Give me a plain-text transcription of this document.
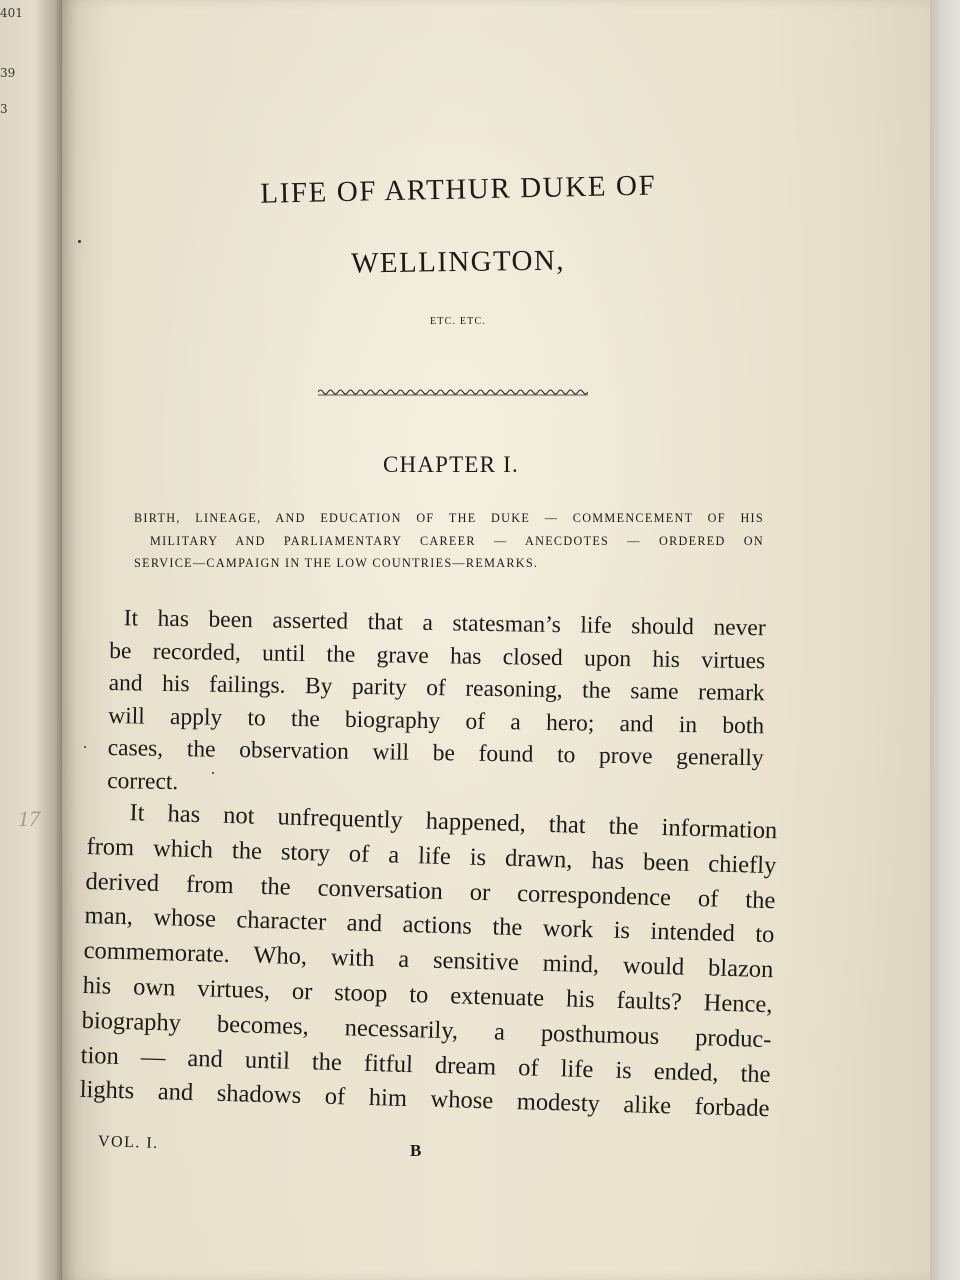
401
39
3
LIFE OF ARTHUR DUKE OF
WELLINGTON,
ETC. ETC.
CHAPTER I.
BIRTH, LINEAGE, AND EDUCATION OF THE DUKE — COMMENCEMENT OF HIS
MILITARY AND PARLIAMENTARY CAREER — ANECDOTES — ORDERED ON
SERVICE—CAMPAIGN IN THE LOW COUNTRIES—REMARKS.
It has been asserted that a statesman’s life should never
be recorded, until the grave has closed upon his virtues
and his failings. By parity of reasoning, the same remark
will apply to the biography of a hero; and in both
cases, the observation will be found to prove generally
correct.
It has not unfrequently happened, that the information
from which the story of a life is drawn, has been chiefly
derived from the conversation or correspondence of the
man, whose character and actions the work is intended to
commemorate. Who, with a sensitive mind, would blazon
his own virtues, or stoop to extenuate his faults? Hence,
biography becomes, necessarily, a posthumous produc-
tion — and until the fitful dream of life is ended, the
lights and shadows of him whose modesty alike forbade
VOL. I.	B
17
